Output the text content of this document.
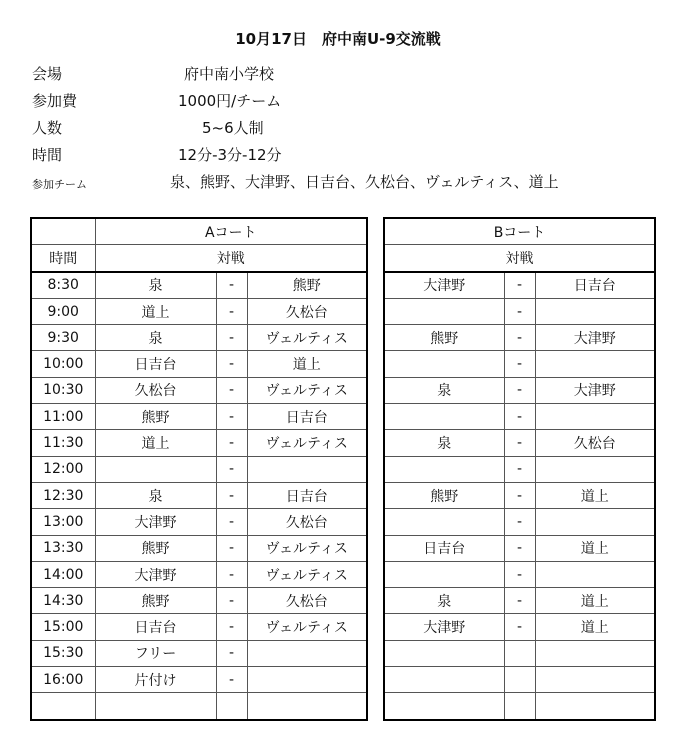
10月17日　府中南U-9交流戦
会場	府中南小学校
参加費	1000円/チーム
人数	5~6人制
時間	12分-3分-12分
参加チーム	泉、熊野、大津野、日吉台、久松台、ヴェルティス、道上
	Aコート		
時間	対戦		
8:30	泉	-	熊野
9:00	道上	-	久松台
9:30	泉	-	ヴェルティス
10:00	日吉台	-	道上
10:30	久松台	-	ヴェルティス
11:00	熊野	-	日吉台
11:30	道上	-	ヴェルティス
12:00		-	
12:30	泉	-	日吉台
13:00	大津野	-	久松台
13:30	熊野	-	ヴェルティス
14:00	大津野	-	ヴェルティス
14:30	熊野	-	久松台
15:00	日吉台	-	ヴェルティス
15:30	フリー	-	
16:00	片付け	-	

Bコート		
対戦		
大津野	-	日吉台
	-	
熊野	-	大津野
	-	
泉	-	大津野
	-	
泉	-	久松台
	-	
熊野	-	道上
	-	
日吉台	-	道上
	-	
泉	-	道上
大津野	-	道上
